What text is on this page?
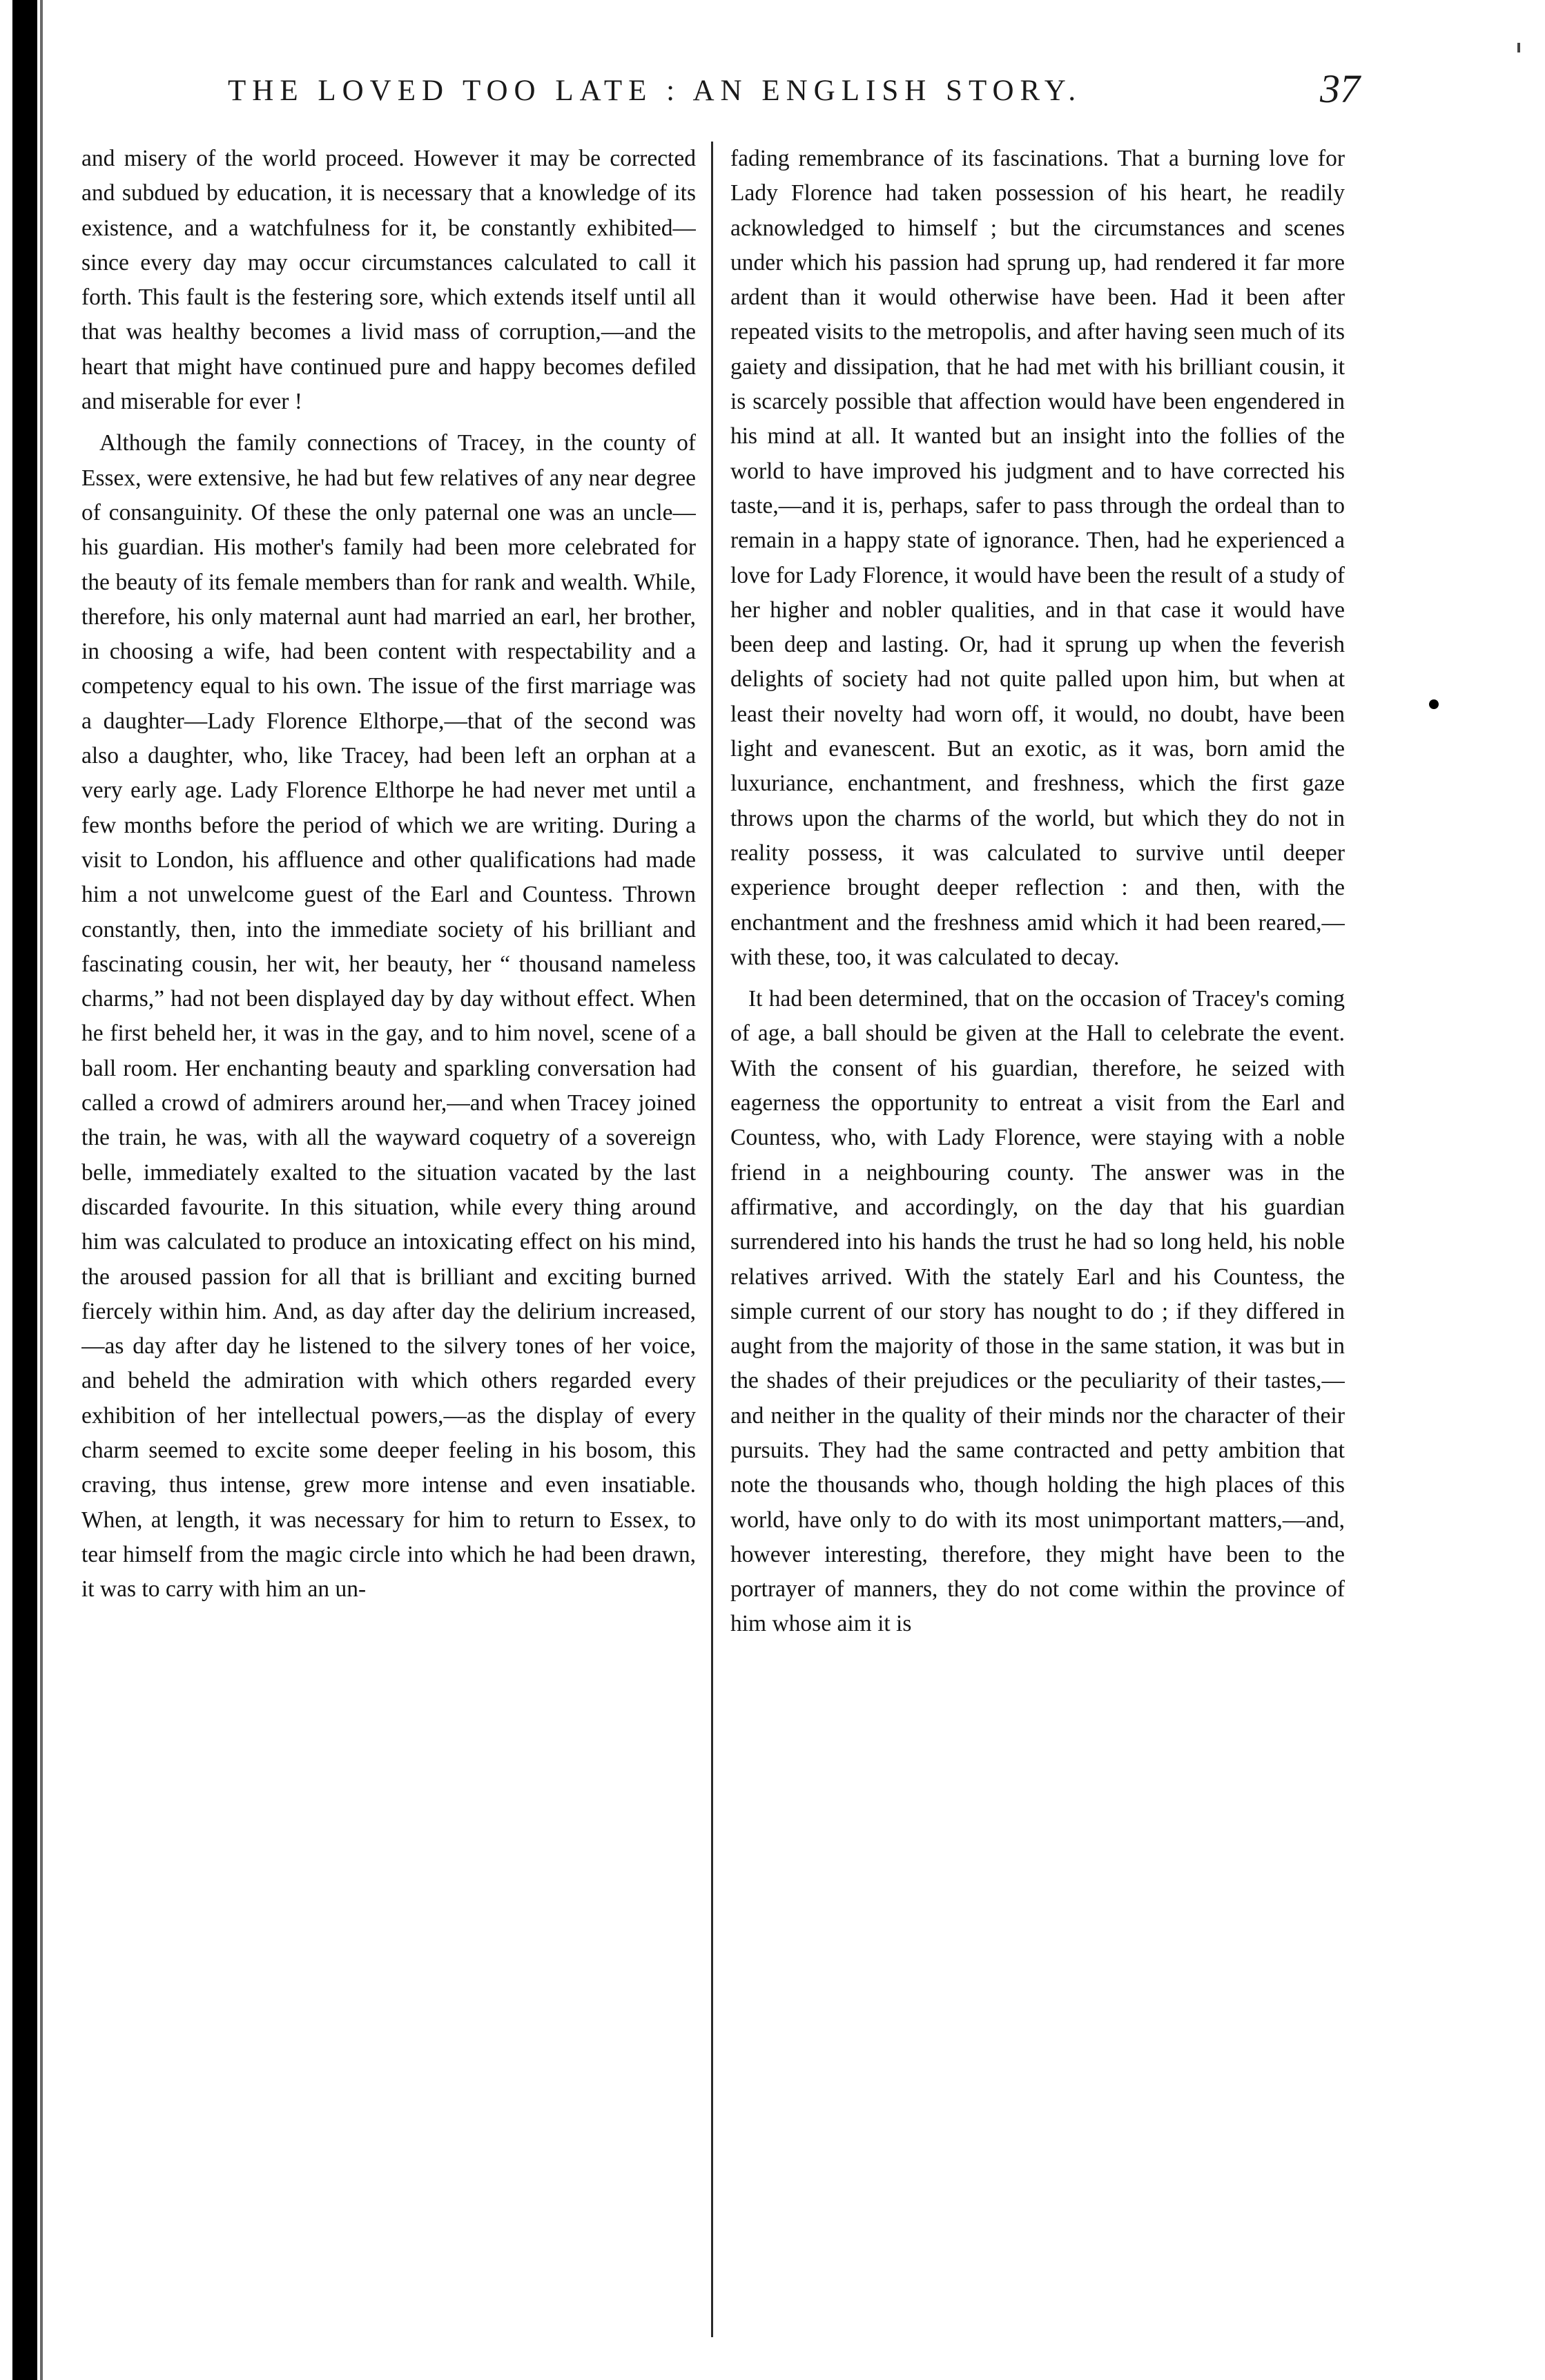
THE LOVED TOO LATE : AN ENGLISH STORY.	37

and misery of the world proceed. However it may be corrected and subdued by education, it is necessary that a knowledge of its existence, and a watchfulness for it, be constantly exhibited—since every day may occur circumstances calculated to call it forth. This fault is the festering sore, which extends itself until all that was healthy becomes a livid mass of corruption,—and the heart that might have continued pure and happy becomes defiled and miserable for ever !

Although the family connections of Tracey, in the county of Essex, were extensive, he had but few relatives of any near degree of consanguinity. Of these the only paternal one was an uncle—his guardian. His mother's family had been more celebrated for the beauty of its female members than for rank and wealth. While, therefore, his only maternal aunt had married an earl, her brother, in choosing a wife, had been content with respectability and a competency equal to his own. The issue of the first marriage was a daughter—Lady Florence Elthorpe,—that of the second was also a daughter, who, like Tracey, had been left an orphan at a very early age. Lady Florence Elthorpe he had never met until a few months before the period of which we are writing. During a visit to London, his affluence and other qualifications had made him a not unwelcome guest of the Earl and Countess. Thrown constantly, then, into the immediate society of his brilliant and fascinating cousin, her wit, her beauty, her “ thousand nameless charms,” had not been displayed day by day without effect. When he first beheld her, it was in the gay, and to him novel, scene of a ball room. Her enchanting beauty and sparkling conversation had called a crowd of admirers around her,—and when Tracey joined the train, he was, with all the wayward coquetry of a sovereign belle, immediately exalted to the situation vacated by the last discarded favourite. In this situation, while every thing around him was calculated to produce an intoxicating effect on his mind, the aroused passion for all that is brilliant and exciting burned fiercely within him. And, as day after day the delirium increased,—as day after day he listened to the silvery tones of her voice, and beheld the admiration with which others regarded every exhibition of her intellectual powers,—as the display of every charm seemed to excite some deeper feeling in his bosom, this craving, thus intense, grew more intense and even insatiable. When, at length, it was necessary for him to return to Essex, to tear himself from the magic circle into which he had been drawn, it was to carry with him an un-

fading remembrance of its fascinations. That a burning love for Lady Florence had taken possession of his heart, he readily acknowledged to himself ; but the circumstances and scenes under which his passion had sprung up, had rendered it far more ardent than it would otherwise have been. Had it been after repeated visits to the metropolis, and after having seen much of its gaiety and dissipation, that he had met with his brilliant cousin, it is scarcely possible that affection would have been engendered in his mind at all. It wanted but an insight into the follies of the world to have improved his judgment and to have corrected his taste,—and it is, perhaps, safer to pass through the ordeal than to remain in a happy state of ignorance. Then, had he experienced a love for Lady Florence, it would have been the result of a study of her higher and nobler qualities, and in that case it would have been deep and lasting. Or, had it sprung up when the feverish delights of society had not quite palled upon him, but when at least their novelty had worn off, it would, no doubt, have been light and evanescent. But an exotic, as it was, born amid the luxuriance, enchantment, and freshness, which the first gaze throws upon the charms of the world, but which they do not in reality possess, it was calculated to survive until deeper experience brought deeper reflection : and then, with the enchantment and the freshness amid which it had been reared,—with these, too, it was calculated to decay.

It had been determined, that on the occasion of Tracey's coming of age, a ball should be given at the Hall to celebrate the event. With the consent of his guardian, therefore, he seized with eagerness the opportunity to entreat a visit from the Earl and Countess, who, with Lady Florence, were staying with a noble friend in a neighbouring county. The answer was in the affirmative, and accordingly, on the day that his guardian surrendered into his hands the trust he had so long held, his noble relatives arrived. With the stately Earl and his Countess, the simple current of our story has nought to do ; if they differed in aught from the majority of those in the same station, it was but in the shades of their prejudices or the peculiarity of their tastes,—and neither in the quality of their minds nor the character of their pursuits. They had the same contracted and petty ambition that note the thousands who, though holding the high places of this world, have only to do with its most unimportant matters,—and, however interesting, therefore, they might have been to the portrayer of manners, they do not come within the province of him whose aim it is
